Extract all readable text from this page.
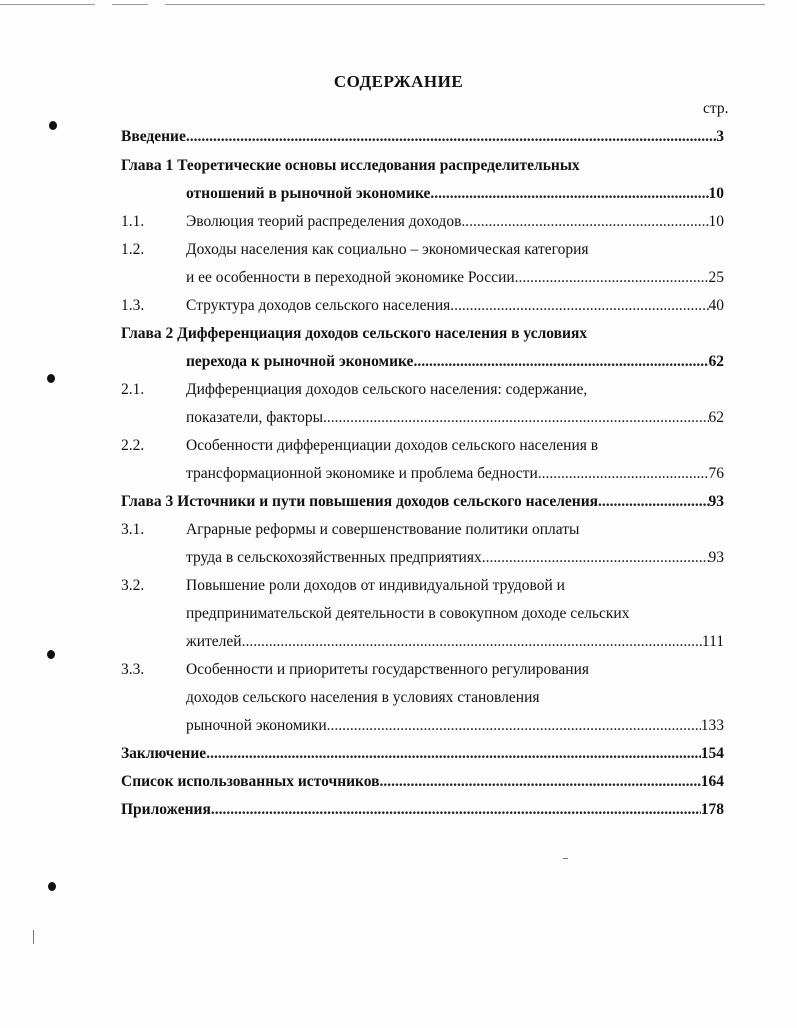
СОДЕРЖАНИЕ
стр.
Введение .....	3
Глава 1 Теоретические основы исследования распределительных
отношений в рыночной экономике .....	10
1.1.	Эволюция теорий распределения доходов .....	10
1.2.	Доходы населения как социально – экономическая категория
и ее особенности в переходной экономике России .....	25
1.3.	Структура доходов сельского населения .....	40
Глава 2 Дифференциация доходов сельского населения в условиях
перехода к рыночной экономике .....	62
2.1.	Дифференциация доходов сельского населения: содержание,
показатели, факторы .....	62
2.2.	Особенности дифференциации доходов сельского населения в
трансформационной экономике и проблема бедности .....	76
Глава 3 Источники и пути повышения доходов сельского населения .....	93
3.1.	Аграрные реформы и совершенствование политики оплаты
труда в сельскохозяйственных предприятиях .....	93
3.2.	Повышение роли доходов от индивидуальной трудовой и
предпринимательской деятельности в совокупном доходе сельских
жителей .....	111
3.3.	Особенности и приоритеты государственного регулирования
доходов сельского населения в условиях становления
рыночной экономики .....	133
Заключение .....	154
Список использованных источников .....	164
Приложения .....	178
